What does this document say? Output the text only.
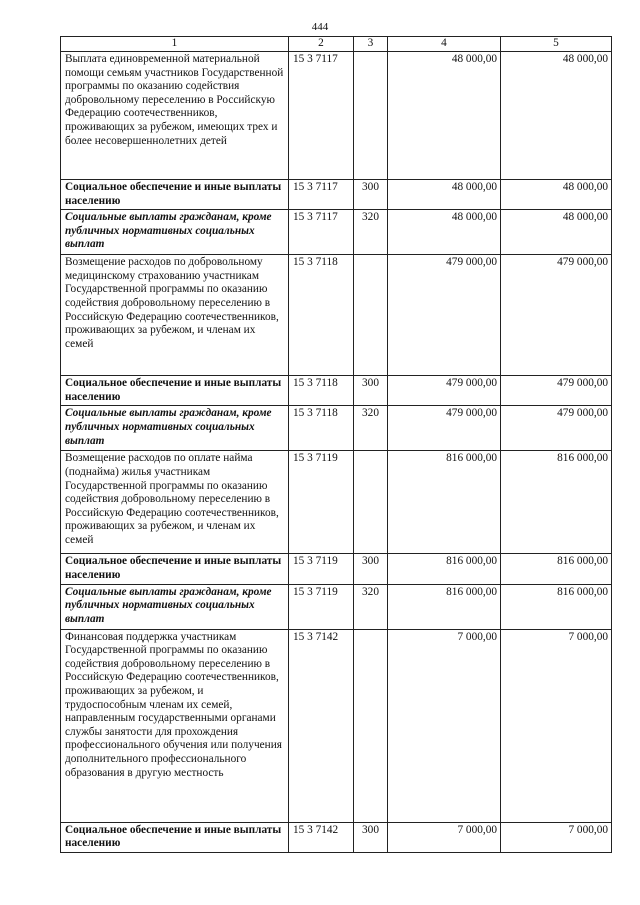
444
1	2	3	4	5
Выплата единовременной материальной помощи семьям участников Государственной программы по оказанию содействия добровольному переселению в Российскую Федерацию соотечественников, проживающих за рубежом, имеющих трех и более несовершеннолетних детей	15 3 7117		48 000,00	48 000,00
Социальное обеспечение и иные выплаты населению	15 3 7117	300	48 000,00	48 000,00
Социальные выплаты гражданам, кроме публичных нормативных социальных выплат	15 3 7117	320	48 000,00	48 000,00
Возмещение расходов по добровольному медицинскому страхованию участникам Государственной программы по оказанию содействия добровольному переселению в Российскую Федерацию соотечественников, проживающих за рубежом, и членам их семей	15 3 7118		479 000,00	479 000,00
Социальное обеспечение и иные выплаты населению	15 3 7118	300	479 000,00	479 000,00
Социальные выплаты гражданам, кроме публичных нормативных социальных выплат	15 3 7118	320	479 000,00	479 000,00
Возмещение расходов по оплате найма (поднайма) жилья участникам Государственной программы по оказанию содействия добровольному переселению в Российскую Федерацию соотечественников, проживающих за рубежом, и членам их семей	15 3 7119		816 000,00	816 000,00
Социальное обеспечение и иные выплаты населению	15 3 7119	300	816 000,00	816 000,00
Социальные выплаты гражданам, кроме публичных нормативных социальных выплат	15 3 7119	320	816 000,00	816 000,00
Финансовая поддержка участникам Государственной программы по оказанию содействия добровольному переселению в Российскую Федерацию соотечественников, проживающих за рубежом, и трудоспособным членам их семей, направленным государственными органами службы занятости для прохождения профессионального обучения или получения дополнительного профессионального образования в другую местность	15 3 7142		7 000,00	7 000,00
Социальное обеспечение и иные выплаты населению	15 3 7142	300	7 000,00	7 000,00
